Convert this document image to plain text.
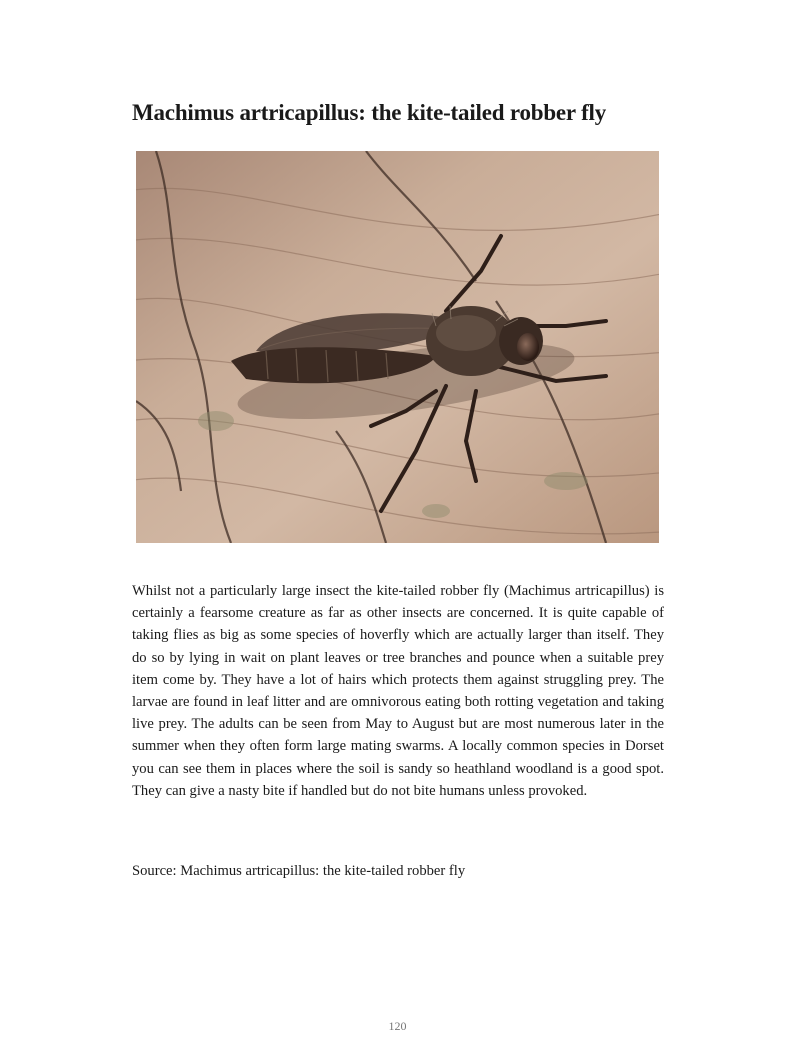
Machimus artricapillus: the kite-tailed robber fly

Whilst not a particularly large insect the kite-tailed robber fly (Machimus artricapillus) is certainly a fearsome creature as far as other insects are concerned. It is quite capable of taking flies as big as some species of hoverfly which are actually larger than itself. They do so by lying in wait on plant leaves or tree branches and pounce when a suitable prey item come by. They have a lot of hairs which protects them against struggling prey. The larvae are found in leaf litter and are omnivorous eating both rotting vegetation and taking live prey. The adults can be seen from May to August but are most numerous later in the summer when they often form large mating swarms. A locally common species in Dorset you can see them in places where the soil is sandy so heathland woodland is a good spot. They can give a nasty bite if handled but do not bite humans unless provoked.

Source: Machimus artricapillus: the kite-tailed robber fly

120
